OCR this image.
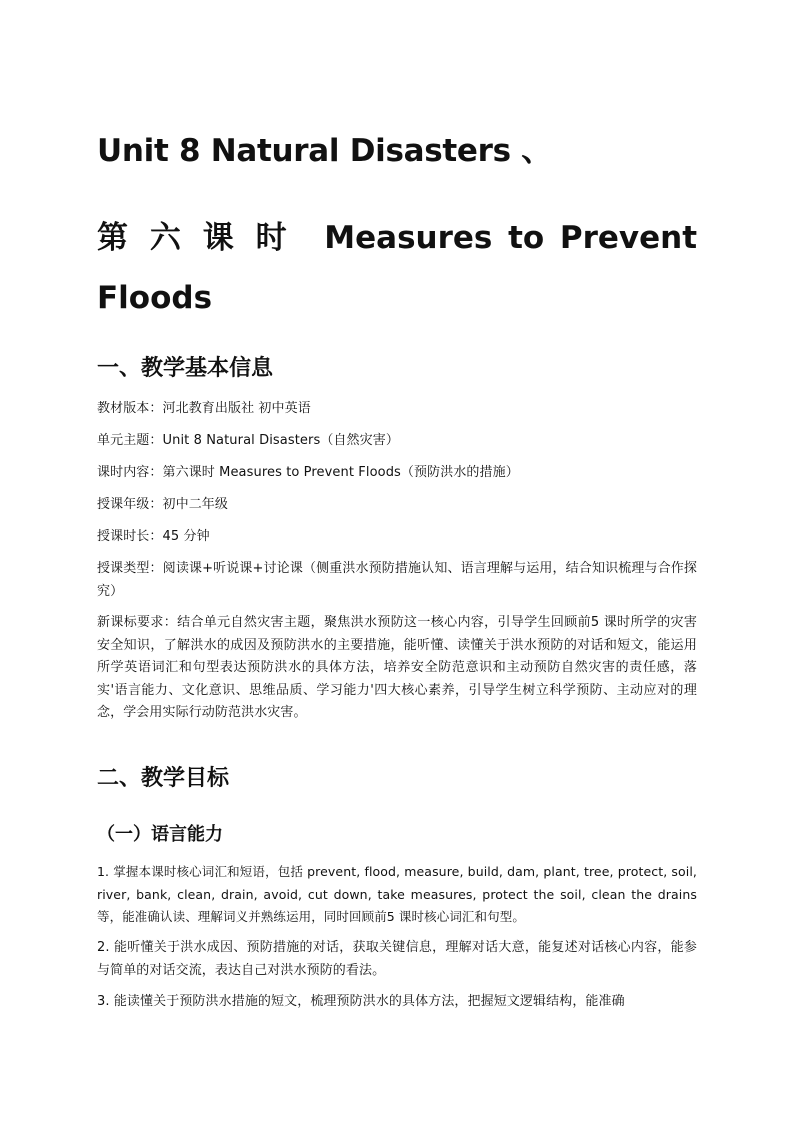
Unit 8 Natural Disasters 、
第六课时 Measures to Prevent Floods
一、教学基本信息
教材版本：河北教育出版社 初中英语
单元主题：Unit 8 Natural Disasters（自然灾害）
课时内容：第六课时 Measures to Prevent Floods（预防洪水的措施）
授课年级：初中二年级
授课时长：45 分钟
授课类型：阅读课+听说课+讨论课（侧重洪水预防措施认知、语言理解与运用，结合知识梳理与合作探究）
新课标要求：结合单元自然灾害主题，聚焦洪水预防这一核心内容，引导学生回顾前5 课时所学的灾害安全知识，了解洪水的成因及预防洪水的主要措施，能听懂、读懂关于洪水预防的对话和短文，能运用所学英语词汇和句型表达预防洪水的具体方法，培养安全防范意识和主动预防自然灾害的责任感，落实'语言能力、文化意识、思维品质、学习能力'四大核心素养，引导学生树立科学预防、主动应对的理念，学会用实际行动防范洪水灾害。
二、教学目标
（一）语言能力
1. 掌握本课时核心词汇和短语，包括 prevent, flood, measure, build, dam, plant, tree, protect, soil, river, bank, clean, drain, avoid, cut down, take measures, protect the soil, clean the drains 等，能准确认读、理解词义并熟练运用，同时回顾前5 课时核心词汇和句型。
2. 能听懂关于洪水成因、预防措施的对话，获取关键信息，理解对话大意，能复述对话核心内容，能参与简单的对话交流，表达自己对洪水预防的看法。
3. 能读懂关于预防洪水措施的短文，梳理预防洪水的具体方法，把握短文逻辑结构，能准确
